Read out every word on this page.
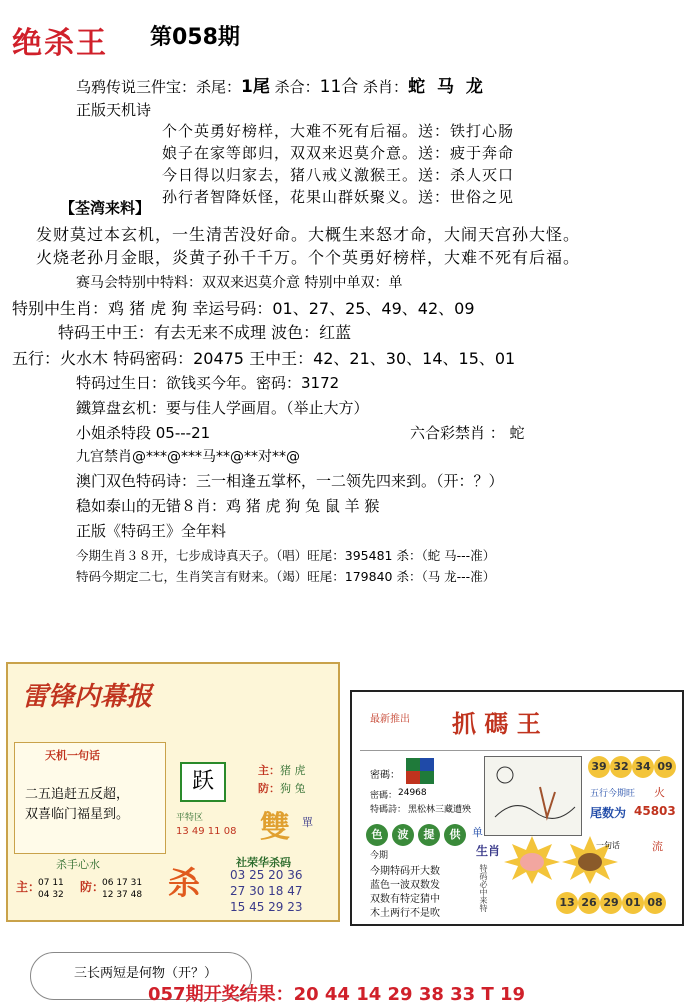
绝杀王 第058期
乌鸦传说三件宝：杀尾：1尾 杀合：11合 杀肖：蛇 马 龙
正版天机诗
个个英勇好榜样，大难不死有后福。送：铁打心肠
娘子在家等郎归，双双来迟莫介意。送：疲于奔命
今日得以归家去，猪八戒义激猴王。送：杀人灭口
孙行者智降妖怪，花果山群妖聚义。送：世俗之见
【荃湾来料】
发财莫过本玄机，一生清苦没好命。大概生来怒才命，大闹天宫孙大怪。
火烧老孙月金眼，炎黄子孙千千万。个个英勇好榜样，大难不死有后福。
赛马会特别中特料：双双来迟莫介意 特别中单双：单
特别中生肖：鸡 猪 虎 狗 幸运号码：01、27、25、49、42、09
特码王中王：有去无来不成理 波色：红蓝
五行：火水木 特码密码：20475 王中王：42、21、30、14、15、01
特码过生日：欲钱买今年。密码：3172
鐵算盘玄机：要与佳人学画眉。（举止大方）
小姐杀特段 05---21	六合彩禁肖 ： 蛇
九宫禁肖@***@***马**@**对**@
澳门双色特码诗：三一相逢五掌杯，一二领先四来到。（开：？）
稳如泰山的无错８肖：鸡 猪 虎 狗 兔 鼠 羊 猴
正版《特码王》全年料
今期生肖３８开，七步成诗真天子。（唱）旺尾：395481 杀：（蛇 马---准）
特码今期定二七，生肖笑言有财来。（竭）旺尾：179840 杀：（马 龙---准）
雷锋内幕报
天机一句话
二五追赶五反超，
双喜临门福星到。
跃	主： 猪 虎
防： 狗 兔
平特区
13 49 11 08 雙 單
杀手心水
主：
07 11
04 32
防：
06 17 31
12 37 48 杀
社荣华杀码
03 25 20 36
27 30 18 47
15 45 29 23
最新推出 抓 碼 王
密碼：
密碼： 24968
特碼詩： 黑松林三藏遭殃
39 32 34 09
五行今期旺 火
尾数为 45803
色	波	提	供	单
今期
今期特码开大数
蓝色一波双数发
双数有特定猜中
木土两行不是吹
生肖
特码必中来特
一句话	流
13 26 29 01 08
三长两短是何物（开？）
057期开奖结果：20 44 14 29 38 33 T 19
